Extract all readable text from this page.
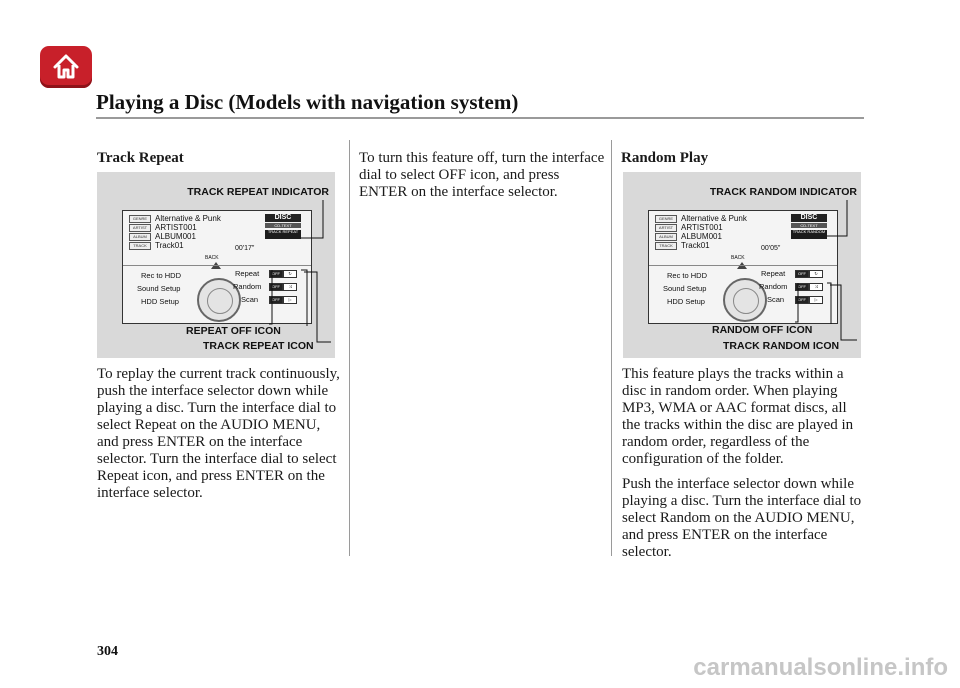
Playing a Disc (Models with navigation system)
Track Repeat
TRACK REPEAT INDICATOR
GENRE
ARTIST
ALBUM
TRACK
Alternative & Punk
ARTIST001
ALBUM001
Track01
DISC
CD-TEXT
TRACK REPEAT
00'17"
BACK
Rec to HDD
Sound Setup
HDD Setup
Repeat
Random
Scan
OFF	↻
OFF	⤨
OFF	▷
REPEAT OFF ICON
TRACK REPEAT ICON

To replay the current track continuously, push the interface selector down while playing a disc. Turn the interface dial to select Repeat on the AUDIO MENU, and press ENTER on the interface selector. Turn the interface dial to select Repeat icon, and press ENTER on the interface selector.

To turn this feature off, turn the interface dial to select OFF icon, and press ENTER on the interface selector.

Random Play
TRACK RANDOM INDICATOR
GENRE
ARTIST
ALBUM
TRACK
Alternative & Punk
ARTIST001
ALBUM001
Track01
DISC
CD-TEXT
TRACK RANDOM
00'05"
BACK
Rec to HDD
Sound Setup
HDD Setup
Repeat
Random
Scan
OFF	↻
OFF	⤨
OFF	▷
RANDOM OFF ICON
TRACK RANDOM ICON

This feature plays the tracks within a disc in random order. When playing MP3, WMA or AAC format discs, all the tracks within the disc are played in random order, regardless of the configuration of the folder.

Push the interface selector down while playing a disc. Turn the interface dial to select Random on the AUDIO MENU, and press ENTER on the interface selector.

304
carmanualsonline.info
